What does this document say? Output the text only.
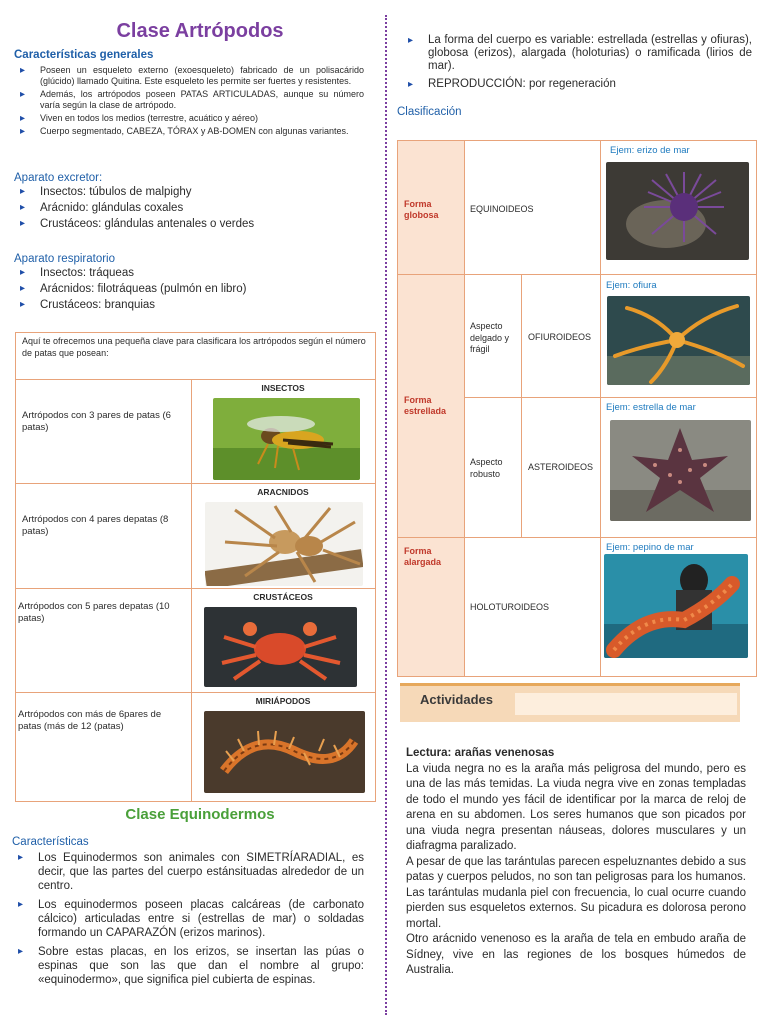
Clase Artrópodos
Características generales
▸ Poseen un esqueleto externo (exoesqueleto) fabricado de un polisacárido (glúcido) llamado Quitina. Este esqueleto les permite ser fuertes y resistentes.
▸ Además, los artrópodos poseen PATAS ARTICULADAS, aunque su número varía según la clase de artrópodo.
▸ Viven en todos los medios (terrestre, acuático y aéreo)
▸ Cuerpo segmentado, CABEZA, TÓRAX y AB-DOMEN con algunas variantes.
Aparato excretor:
▸ Insectos: túbulos de malpighy
▸ Arácnido: glándulas coxales
▸ Crustáceos: glándulas antenales o verdes
Aparato respiratorio
▸ Insectos: tráqueas
▸ Arácnidos: filotráqueas (pulmón en libro)
▸ Crustáceos: branquias
Aquí te ofrecemos una pequeña clave para clasificara los artrópodos según el número de patas que posean:
Artrópodos con 3 pares de patas (6 patas)
INSECTOS
Artrópodos con 4 pares depatas (8 patas)
ARACNIDOS
Artrópodos con 5 pares depatas (10 patas)
CRUSTÁCEOS
Artrópodos con más de 6pares de patas (más de 12 (patas)
MIRIÁPODOS
Clase Equinodermos
Características
▸ Los Equinodermos son animales con SIMETRÍARADIAL, es decir, que las partes del cuerpo estánsituadas alrededor de un centro.
▸ Los equinodermos poseen placas calcáreas (de carbonato cálcico) articuladas entre si (estrellas de mar) o soldadas formando un CAPARAZÓN (erizos marinos).
▸ Sobre estas placas, en los erizos, se insertan las púas o espinas que son las que dan el nombre al grupo: «equinodermo», que significa piel cubierta de espinas.
▸ La forma del cuerpo es variable: estrellada (estrellas y ofiuras), globosa (erizos), alargada (holoturias) o ramificada (lirios de mar).
▸ REPRODUCCIÓN: por regeneración
Clasificación
Forma globosa
Forma estrellada
Forma alargada
EQUINOIDEOS
Ejem: erizo de mar
Aspecto delgado y frágil
OFIUROIDEOS
Ejem: ofiura
Aspecto robusto
ASTEROIDEOS
Ejem: estrella de mar
HOLOTUROIDEOS
Ejem: pepino de mar
Actividades
Lectura: arañas venenosas
La viuda negra no es la araña más peligrosa del mundo, pero es una de las más temidas. La viuda negra vive en zonas templadas de todo el mundo yes fácil de identificar por la marca de reloj de arena en su abdomen. Los seres humanos que son picados por una viuda negra presentan náuseas, dolores musculares y un diafragma paralizado.
A pesar de que las tarántulas parecen espeluznantes debido a sus patas y cuerpos peludos, no son tan peligrosas para los humanos. Las tarántulas mudanla piel con frecuencia, lo cual ocurre cuando pierden sus esqueletos externos. Su picadura es dolorosa perono mortal.
Otro arácnido venenoso es la araña de tela en embudo araña de Sídney, vive en las regiones de los bosques húmedos de Australia.
